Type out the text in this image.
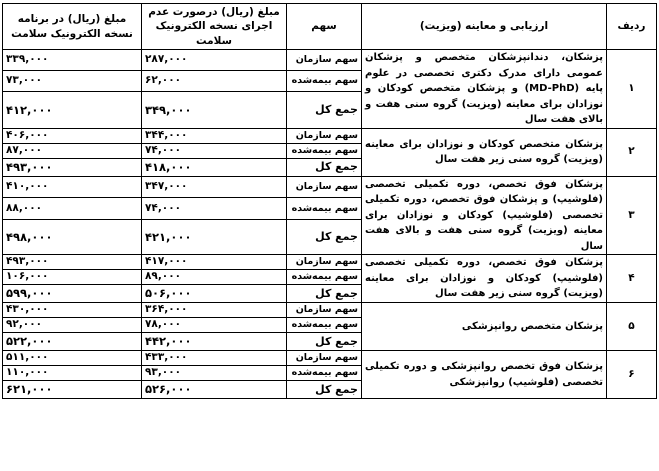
ردیف	ارزیابی و معاینه (ویزیت)	سهم	مبلغ (ریال) درصورت عدم اجرای نسخه الکترونیک سلامت	مبلغ (ریال) در برنامه نسخه الکترونیک سلامت
۱	پزشکان، دندانپزشکان متخصص و پزشکان عمومی دارای مدرک دکتری تخصصی در علوم پایه (MD-PhD) و پزشکان متخصص کودکان و نوزادان برای معاینه (ویزیت) گروه سنی هفت و بالای هفت سال	سهم سازمان	۲۸۷,۰۰۰	۳۳۹,۰۰۰
		سهم بیمه‌شده	۶۲,۰۰۰	۷۳,۰۰۰
		جمع کل	۳۴۹,۰۰۰	۴۱۲,۰۰۰
۲	پزشکان متخصص کودکان و نوزادان برای معاینه (ویزیت) گروه سنی زیر هفت سال	سهم سازمان	۳۴۴,۰۰۰	۴۰۶,۰۰۰
		سهم بیمه‌شده	۷۴,۰۰۰	۸۷,۰۰۰
		جمع کل	۴۱۸,۰۰۰	۴۹۳,۰۰۰
۳	پزشکان فوق تخصص، دوره تکمیلی تخصصی (فلوشیپ) و پزشکان فوق تخصص، دوره تکمیلی تخصصی (فلوشیپ) کودکان و نوزادان برای معاینه (ویزیت) گروه سنی هفت و بالای هفت سال	سهم سازمان	۳۴۷,۰۰۰	۴۱۰,۰۰۰
		سهم بیمه‌شده	۷۴,۰۰۰	۸۸,۰۰۰
		جمع کل	۴۲۱,۰۰۰	۴۹۸,۰۰۰
۴	پزشکان فوق تخصص، دوره تکمیلی تخصصی (فلوشیپ) کودکان و نوزادان برای معاینه (ویزیت) گروه سنی زیر هفت سال	سهم سازمان	۴۱۷,۰۰۰	۴۹۳,۰۰۰
		سهم بیمه‌شده	۸۹,۰۰۰	۱۰۶,۰۰۰
		جمع کل	۵۰۶,۰۰۰	۵۹۹,۰۰۰
۵	پزشکان متخصص روانپزشکی	سهم سازمان	۳۶۴,۰۰۰	۴۳۰,۰۰۰
		سهم بیمه‌شده	۷۸,۰۰۰	۹۲,۰۰۰
		جمع کل	۴۴۲,۰۰۰	۵۲۲,۰۰۰
۶	پزشکان فوق تخصص روانپزشکی و دوره تکمیلی تخصصی (فلوشیپ) روانپزشکی	سهم سازمان	۴۳۳,۰۰۰	۵۱۱,۰۰۰
		سهم بیمه‌شده	۹۳,۰۰۰	۱۱۰,۰۰۰
		جمع کل	۵۲۶,۰۰۰	۶۲۱,۰۰۰
